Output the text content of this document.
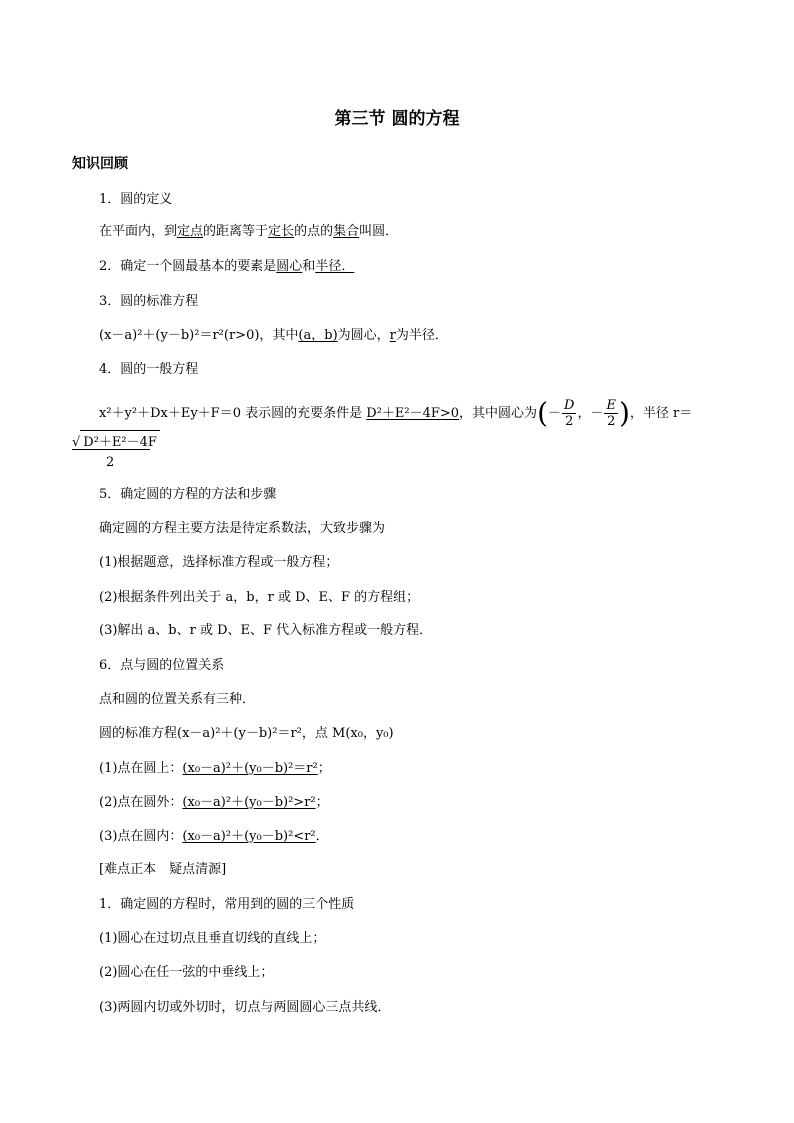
第三节 圆的方程
知识回顾
1．圆的定义
在平面内，到定点的距离等于定长的点的集合叫圆．
2．确定一个圆最基本的要素是圆心和半径．
3．圆的标准方程
(x－a)²＋(y－b)²＝r²(r>0)，其中(a，b)为圆心，r为半径．
4．圆的一般方程
x²＋y²＋Dx＋Ey＋F＝0 表示圆的充要条件是 D²＋E²－4F>0，其中圆心为(－ $\frac{D}{2}$ ，－ $\frac{E}{2}$ )，半径 r＝
√ D²＋E²－4F
2
5．确定圆的方程的方法和步骤
确定圆的方程主要方法是待定系数法，大致步骤为
(1)根据题意，选择标准方程或一般方程；
(2)根据条件列出关于 a，b，r 或 D、E、F 的方程组；
(3)解出 a、b、r 或 D、E、F 代入标准方程或一般方程．
6．点与圆的位置关系
点和圆的位置关系有三种．
圆的标准方程(x－a)²＋(y－b)²＝r²，点 M(x₀，y₀)
(1)点在圆上：(x₀－a)²＋(y₀－b)²＝r²；
(2)点在圆外：(x₀－a)²＋(y₀－b)²>r²；
(3)点在圆内：(x₀－a)²＋(y₀－b)²<r²．
[难点正本　疑点清源]
1．确定圆的方程时，常用到的圆的三个性质
(1)圆心在过切点且垂直切线的直线上；
(2)圆心在任一弦的中垂线上；
(3)两圆内切或外切时，切点与两圆圆心三点共线．
